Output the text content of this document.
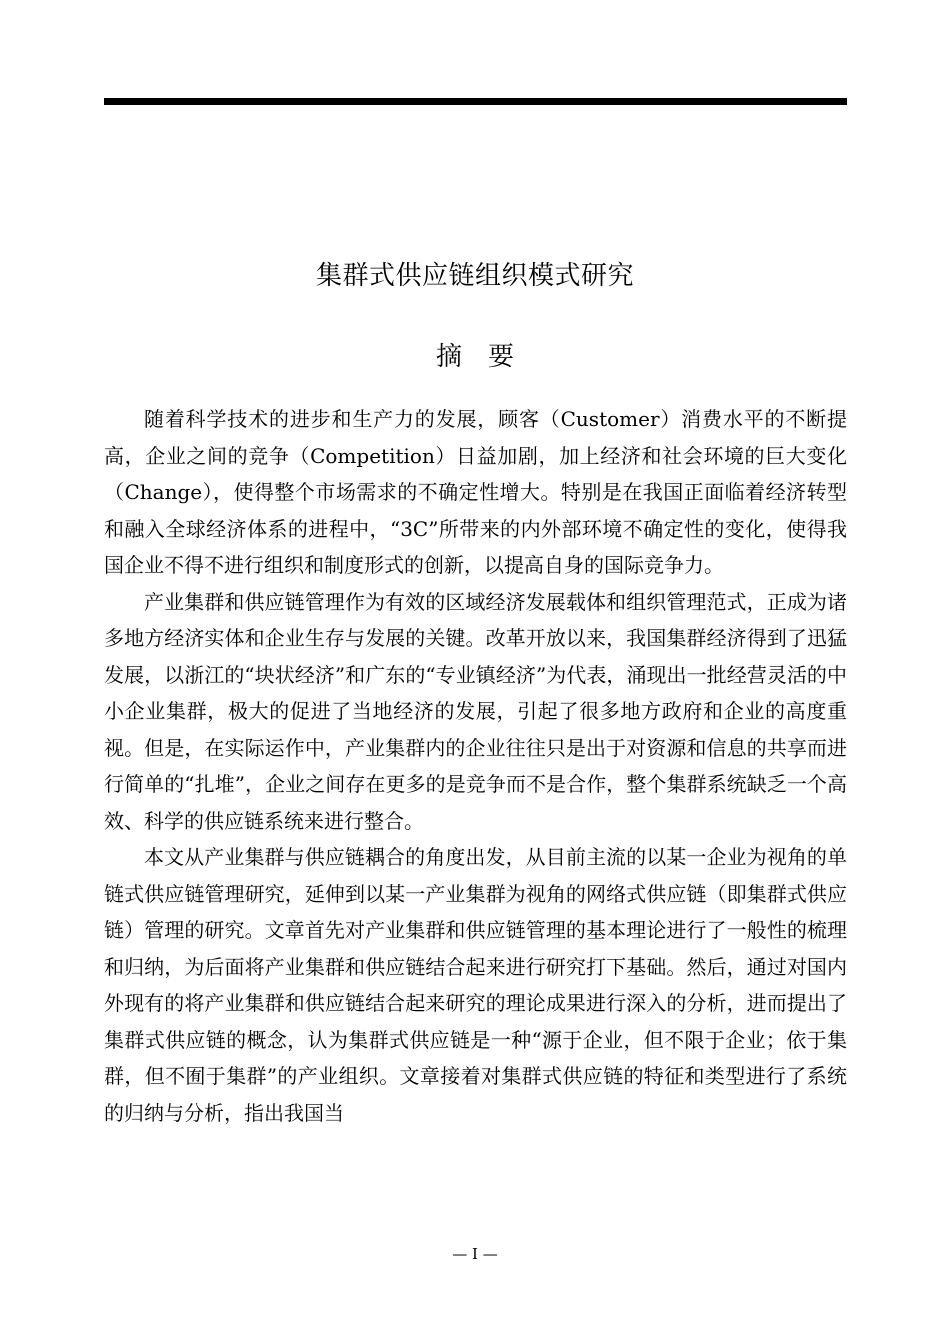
集群式供应链组织模式研究
摘要

随着科学技术的进步和生产力的发展，顾客（Customer）消费水平的不断提高，企业之间的竞争（Competition）日益加剧，加上经济和社会环境的巨大变化（Change），使得整个市场需求的不确定性增大。特别是在我国正面临着经济转型和融入全球经济体系的进程中，“3C”所带来的内外部环境不确定性的变化，使得我国企业不得不进行组织和制度形式的创新，以提高自身的国际竞争力。

产业集群和供应链管理作为有效的区域经济发展载体和组织管理范式，正成为诸多地方经济实体和企业生存与发展的关键。改革开放以来，我国集群经济得到了迅猛发展，以浙江的“块状经济”和广东的“专业镇经济”为代表，涌现出一批经营灵活的中小企业集群，极大的促进了当地经济的发展，引起了很多地方政府和企业的高度重视。但是，在实际运作中，产业集群内的企业往往只是出于对资源和信息的共享而进行简单的“扎堆”，企业之间存在更多的是竞争而不是合作，整个集群系统缺乏一个高效、科学的供应链系统来进行整合。

本文从产业集群与供应链耦合的角度出发，从目前主流的以某一企业为视角的单链式供应链管理研究，延伸到以某一产业集群为视角的网络式供应链（即集群式供应链）管理的研究。文章首先对产业集群和供应链管理的基本理论进行了一般性的梳理和归纳，为后面将产业集群和供应链结合起来进行研究打下基础。然后，通过对国内外现有的将产业集群和供应链结合起来研究的理论成果进行深入的分析，进而提出了集群式供应链的概念，认为集群式供应链是一种“源于企业，但不限于企业；依于集群，但不囿于集群”的产业组织。文章接着对集群式供应链的特征和类型进行了系统的归纳与分析，指出我国当

— I —
